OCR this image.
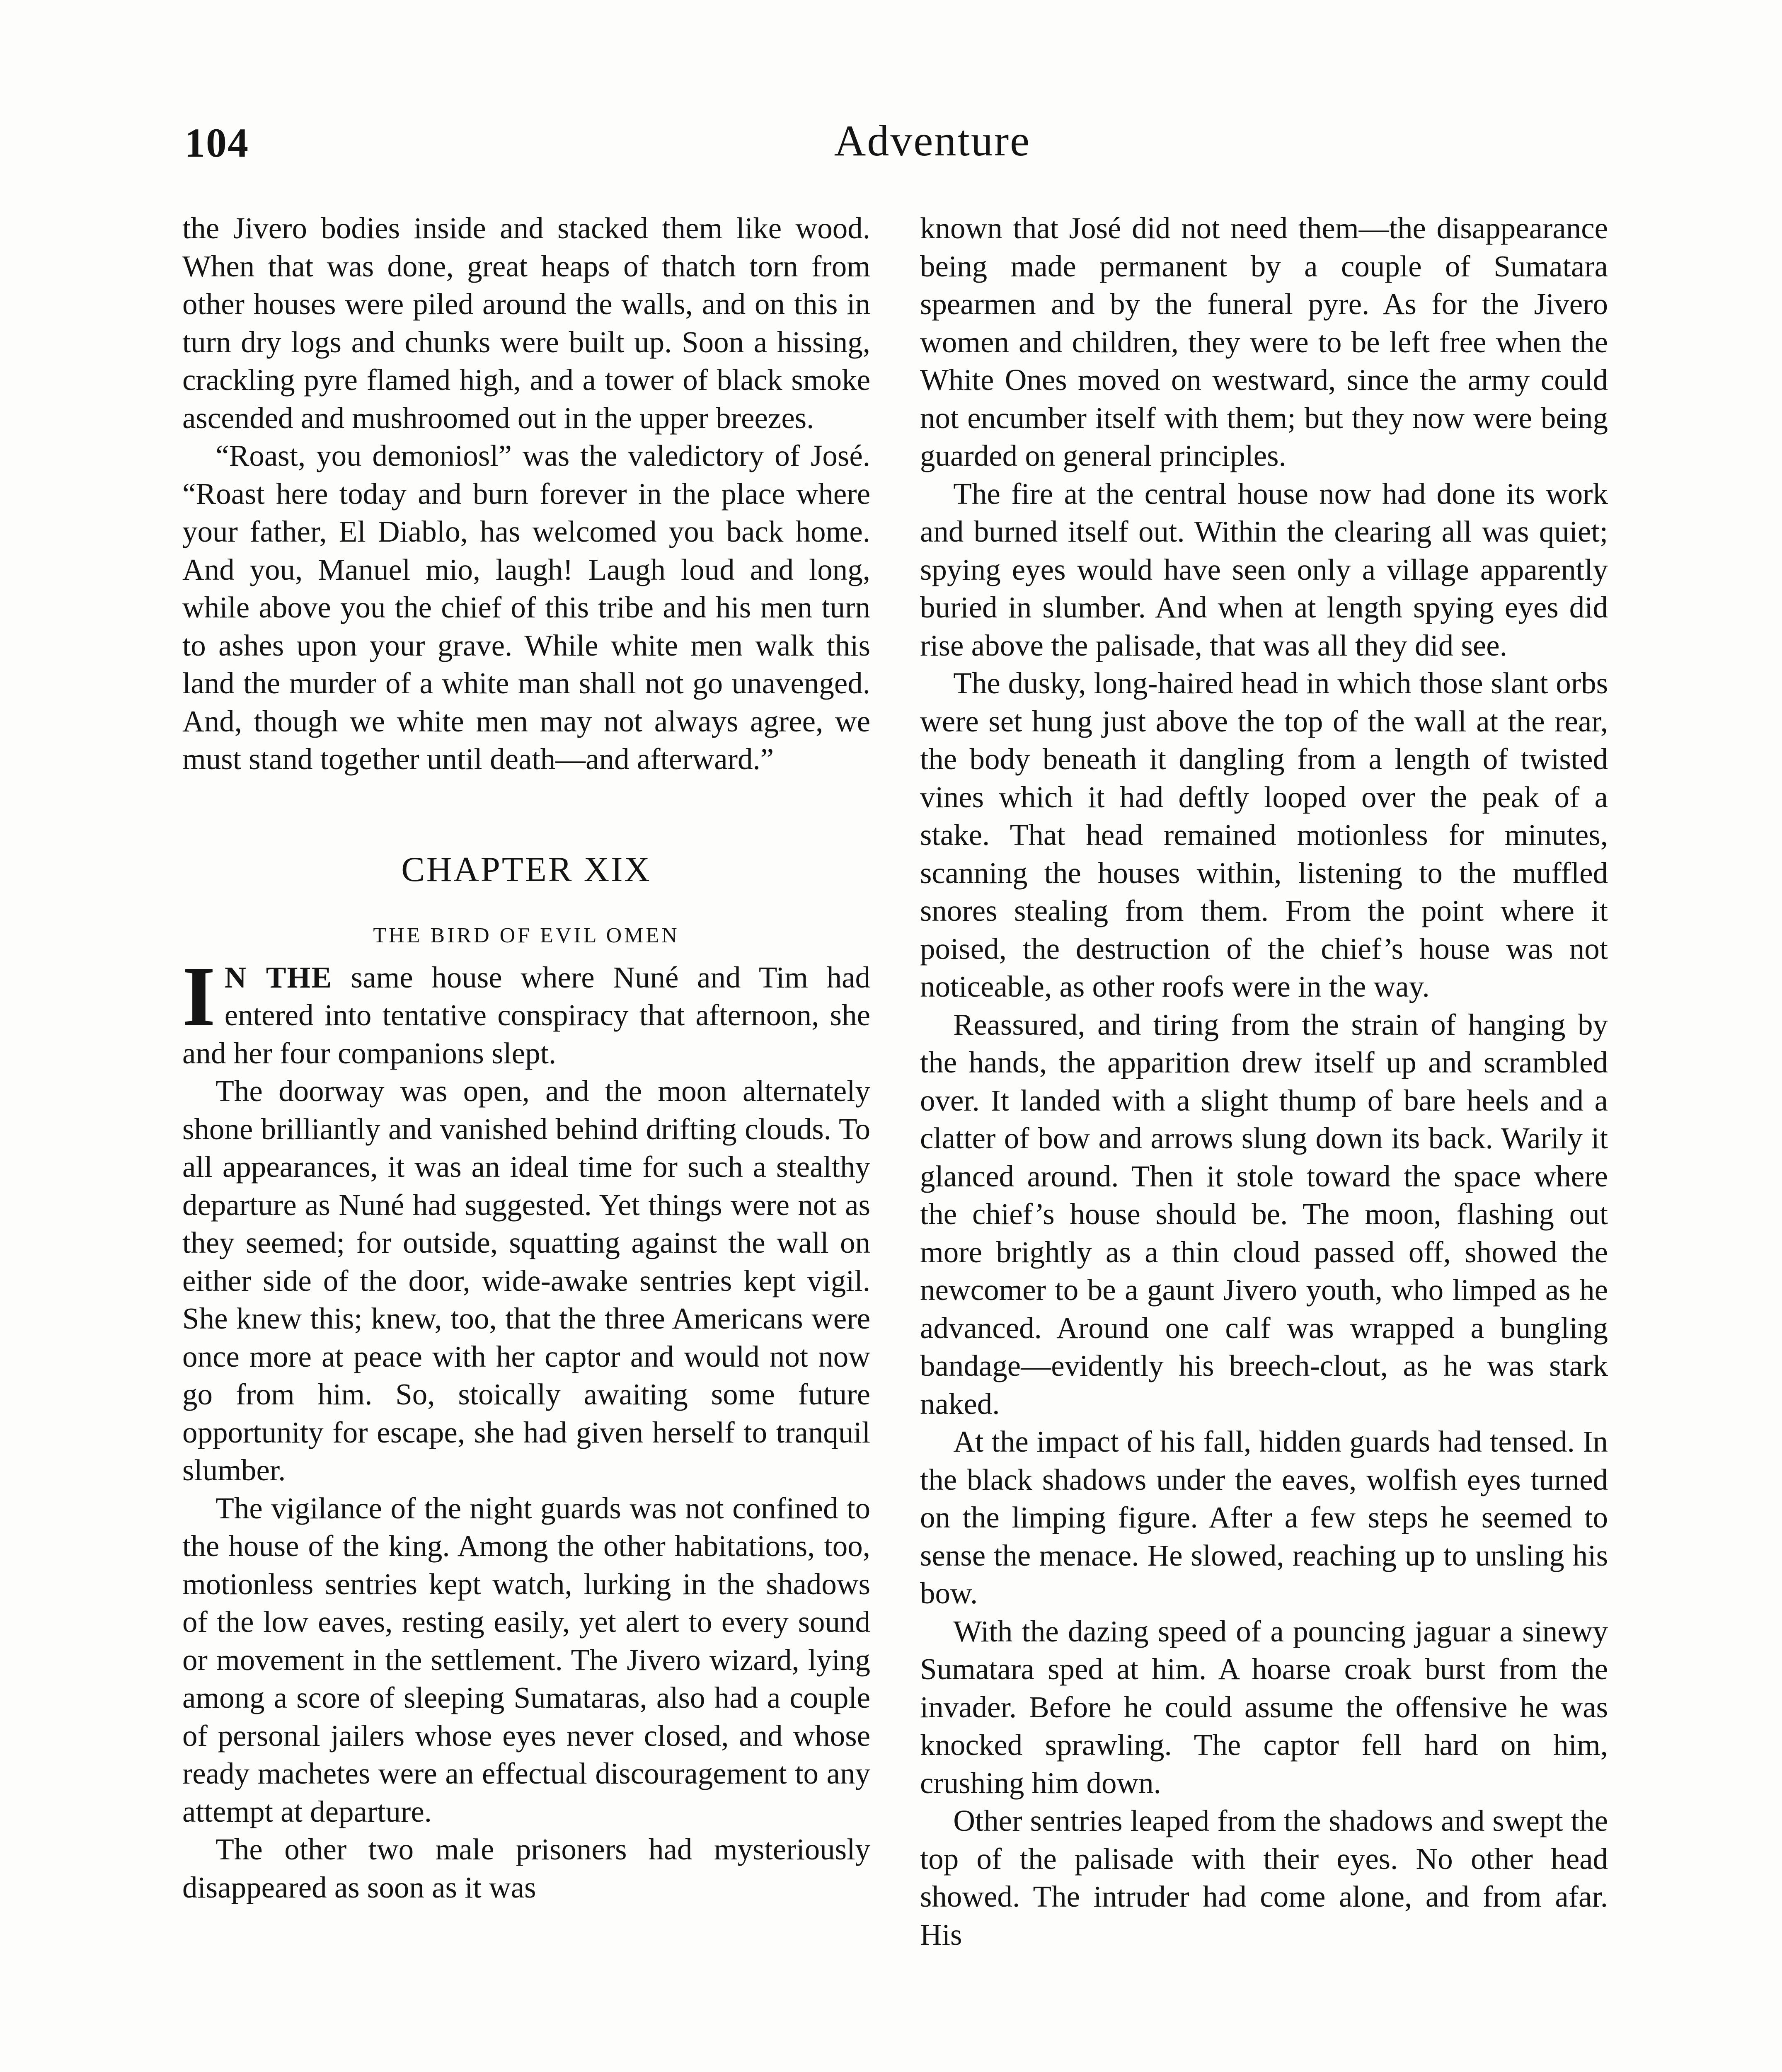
104	Adventure

the Jivero bodies inside and stacked them like wood. When that was done, great heaps of thatch torn from other houses were piled around the walls, and on this in turn dry logs and chunks were built up. Soon a hissing, crackling pyre flamed high, and a tower of black smoke ascended and mushroomed out in the upper breezes.

“Roast, you demoniosl” was the valedictory of José. “Roast here today and burn forever in the place where your father, El Diablo, has welcomed you back home. And you, Manuel mio, laugh! Laugh loud and long, while above you the chief of this tribe and his men turn to ashes upon your grave. While white men walk this land the murder of a white man shall not go unavenged. And, though we white men may not always agree, we must stand together until death—and afterward.”

CHAPTER XIX
THE BIRD OF EVIL OMEN

I N THE same house where Nuné and Tim had entered into tentative conspiracy that afternoon, she and her four companions slept.

The doorway was open, and the moon alternately shone brilliantly and vanished behind drifting clouds. To all appearances, it was an ideal time for such a stealthy departure as Nuné had suggested. Yet things were not as they seemed; for outside, squatting against the wall on either side of the door, wide-awake sentries kept vigil. She knew this; knew, too, that the three Americans were once more at peace with her captor and would not now go from him. So, stoically awaiting some future opportunity for escape, she had given herself to tranquil slumber.

The vigilance of the night guards was not confined to the house of the king. Among the other habitations, too, motionless sentries kept watch, lurking in the shadows of the low eaves, resting easily, yet alert to every sound or movement in the settlement. The Jivero wizard, lying among a score of sleeping Sumataras, also had a couple of personal jailers whose eyes never closed, and whose ready machetes were an effectual discouragement to any attempt at departure.

The other two male prisoners had mysteriously disappeared as soon as it was

known that José did not need them—the disappearance being made permanent by a couple of Sumatara spearmen and by the funeral pyre. As for the Jivero women and children, they were to be left free when the White Ones moved on westward, since the army could not encumber itself with them; but they now were being guarded on general principles.

The fire at the central house now had done its work and burned itself out. Within the clearing all was quiet; spying eyes would have seen only a village apparently buried in slumber. And when at length spying eyes did rise above the palisade, that was all they did see.

The dusky, long-haired head in which those slant orbs were set hung just above the top of the wall at the rear, the body beneath it dangling from a length of twisted vines which it had deftly looped over the peak of a stake. That head remained motionless for minutes, scanning the houses within, listening to the muffled snores stealing from them. From the point where it poised, the destruction of the chief’s house was not noticeable, as other roofs were in the way.

Reassured, and tiring from the strain of hanging by the hands, the apparition drew itself up and scrambled over. It landed with a slight thump of bare heels and a clatter of bow and arrows slung down its back. Warily it glanced around. Then it stole toward the space where the chief’s house should be. The moon, flashing out more brightly as a thin cloud passed off, showed the newcomer to be a gaunt Jivero youth, who limped as he advanced. Around one calf was wrapped a bungling bandage—evidently his breech-clout, as he was stark naked.

At the impact of his fall, hidden guards had tensed. In the black shadows under the eaves, wolfish eyes turned on the limping figure. After a few steps he seemed to sense the menace. He slowed, reaching up to unsling his bow.

With the dazing speed of a pouncing jaguar a sinewy Sumatara sped at him. A hoarse croak burst from the invader. Before he could assume the offensive he was knocked sprawling. The captor fell hard on him, crushing him down.

Other sentries leaped from the shadows and swept the top of the palisade with their eyes. No other head showed. The intruder had come alone, and from afar. His
